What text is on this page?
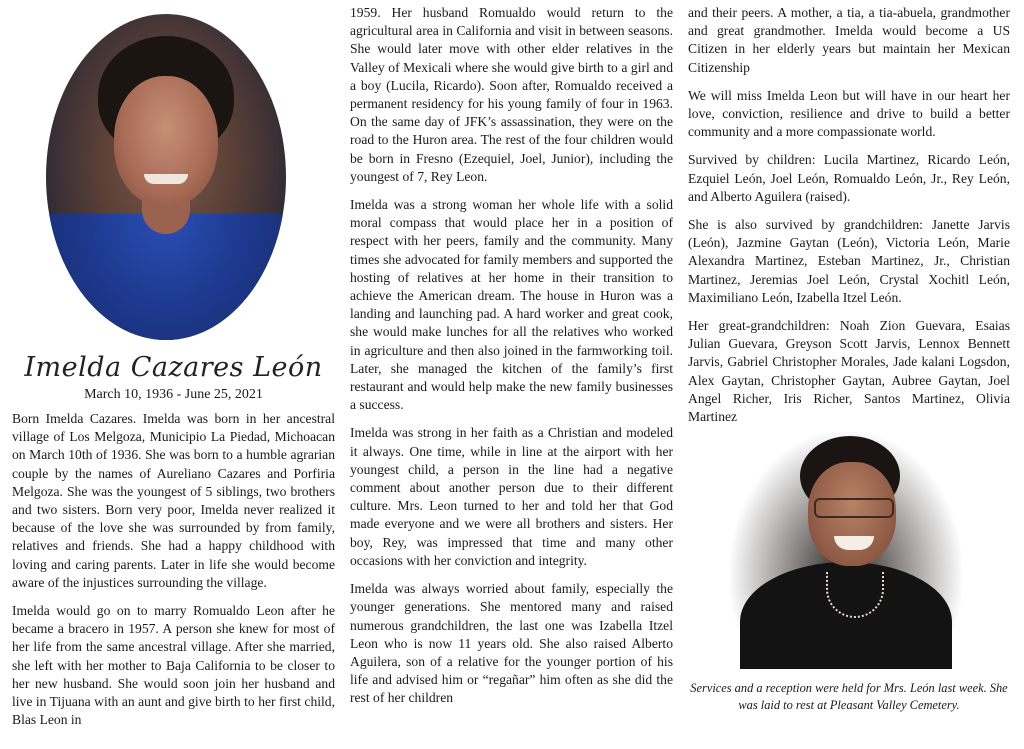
Imelda Cazares León
March 10, 1936 - June 25, 2021

Born Imelda Cazares. Imelda was born in her ancestral village of Los Melgoza, Municipio La Piedad, Michoacan on March 10th of 1936. She was born to a humble agrarian couple by the names of Aureliano Cazares and Porfiria Melgoza. She was the youngest of 5 siblings, two brothers and two sisters. Born very poor, Imelda never realized it because of the love she was surrounded by from family, relatives and friends. She had a happy childhood with loving and caring parents. Later in life she would become aware of the injustices surrounding the village.

Imelda would go on to marry Romualdo Leon after he became a bracero in 1957. A person she knew for most of her life from the same ancestral village. After she married, she left with her mother to Baja California to be closer to her new husband. She would soon join her husband and live in Tijuana with an aunt and give birth to her first child, Blas Leon in

1959. Her husband Romualdo would return to the agricultural area in California and visit in between seasons. She would later move with other elder relatives in the Valley of Mexicali where she would give birth to a girl and a boy (Lucila, Ricardo). Soon after, Romualdo received a permanent residency for his young family of four in 1963. On the same day of JFK’s assassination, they were on the road to the Huron area. The rest of the four children would be born in Fresno (Ezequiel, Joel, Junior), including the youngest of 7, Rey Leon.

Imelda was a strong woman her whole life with a solid moral compass that would place her in a position of respect with her peers, family and the community. Many times she advocated for family members and supported the hosting of relatives at her home in their transition to achieve the American dream. The house in Huron was a landing and launching pad. A hard worker and great cook, she would make lunches for all the relatives who worked in agriculture and then also joined in the farmworking toil. Later, she managed the kitchen of the family’s first restaurant and would help make the new family businesses a success.

Imelda was strong in her faith as a Christian and modeled it always. One time, while in line at the airport with her youngest child, a person in the line had a negative comment about another person due to their different culture. Mrs. Leon turned to her and told her that God made everyone and we were all brothers and sisters. Her boy, Rey, was impressed that time and many other occasions with her conviction and integrity.

Imelda was always worried about family, especially the younger generations. She mentored many and raised numerous grandchildren, the last one was Izabella Itzel Leon who is now 11 years old. She also raised Alberto Aguilera, son of a relative for the younger portion of his life and advised him or “regañar” him often as she did the rest of her children

and their peers. A mother, a tia, a tia-abuela, grandmother and great grandmother. Imelda would become a US Citizen in her elderly years but maintain her Mexican Citizenship

We will miss Imelda Leon but will have in our heart her love, conviction, resilience and drive to build a better community and a more compassionate world.

Survived by children: Lucila Martinez, Ricardo León, Ezquiel León, Joel León, Romualdo León, Jr., Rey León, and Alberto Aguilera (raised).

She is also survived by grandchildren: Janette Jarvis (León), Jazmine Gaytan (León), Victoria León, Marie Alexandra Martinez, Esteban Martinez, Jr., Christian Martinez, Jeremias Joel León, Crystal Xochitl León, Maximiliano León, Izabella Itzel León.

Her great-grandchildren: Noah Zion Guevara, Esaias Julian Guevara, Greyson Scott Jarvis, Lennox Bennett Jarvis, Gabriel Christopher Morales, Jade kalani Logsdon, Alex Gaytan, Christopher Gaytan, Aubree Gaytan, Joel Angel Richer, Iris Richer, Santos Martinez, Olivia Martinez

Services and a reception were held for Mrs. León last week. She was laid to rest at Pleasant Valley Cemetery.
